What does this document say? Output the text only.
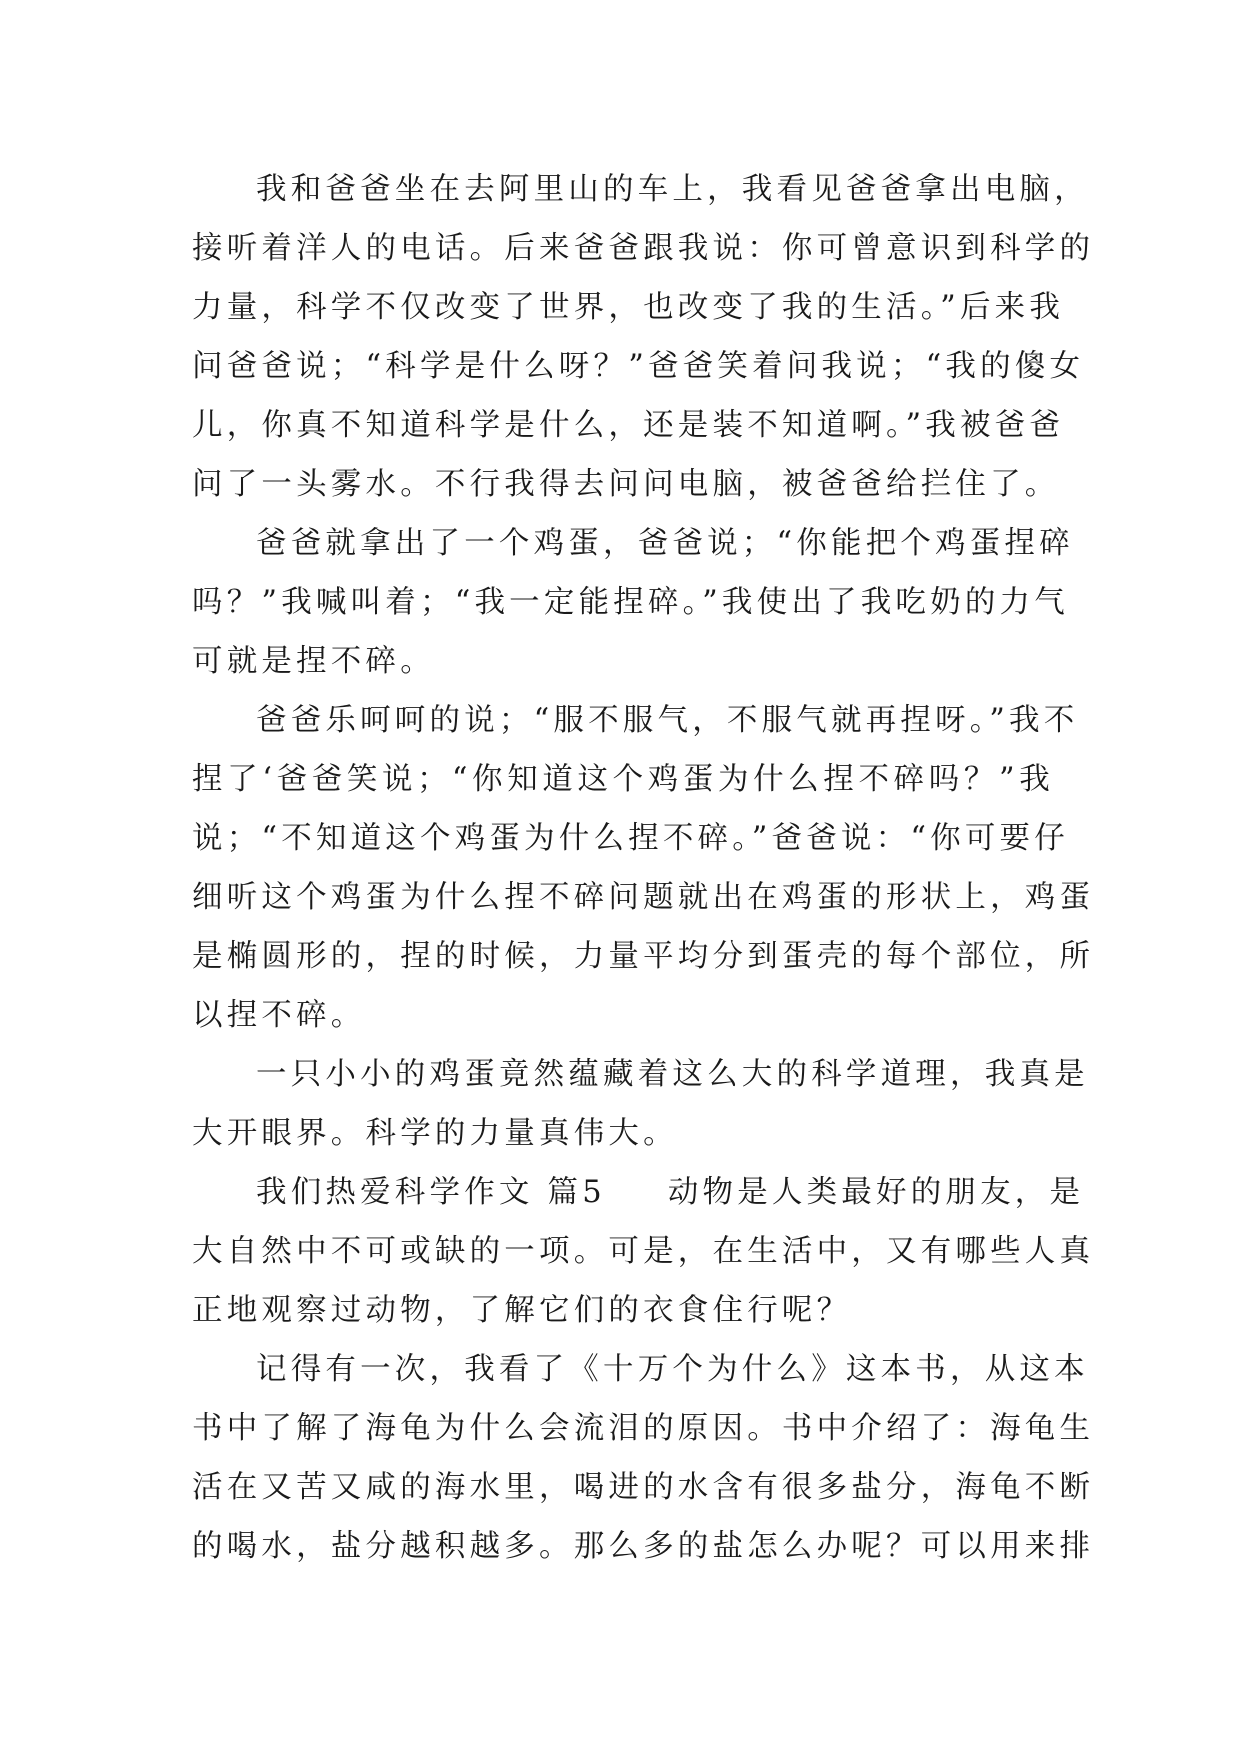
我和爸爸坐在去阿里山的车上，我看见爸爸拿出电脑，
接听着洋人的电话。后来爸爸跟我说：你可曾意识到科学的
力量，科学不仅改变了世界，也改变了我的生活。”后来我
问爸爸说；“科学是什么呀？”爸爸笑着问我说；“我的傻女
儿，你真不知道科学是什么，还是装不知道啊。”我被爸爸
问了一头雾水。不行我得去问问电脑，被爸爸给拦住了。
爸爸就拿出了一个鸡蛋，爸爸说；“你能把个鸡蛋捏碎
吗？”我喊叫着；“我一定能捏碎。”我使出了我吃奶的力气
可就是捏不碎。
爸爸乐呵呵的说；“服不服气，不服气就再捏呀。”我不
捏了‘爸爸笑说；“你知道这个鸡蛋为什么捏不碎吗？”我
说；“不知道这个鸡蛋为什么捏不碎。”爸爸说：“你可要仔
细听这个鸡蛋为什么捏不碎问题就出在鸡蛋的形状上，鸡蛋
是椭圆形的，捏的时候，力量平均分到蛋壳的每个部位，所
以捏不碎。
一只小小的鸡蛋竟然蕴藏着这么大的科学道理，我真是
大开眼界。科学的力量真伟大。
我们热爱科学作文 篇5 动物是人类最好的朋友，是
大自然中不可或缺的一项。可是，在生活中，又有哪些人真
正地观察过动物，了解它们的衣食住行呢？
记得有一次，我看了《十万个为什么》这本书，从这本
书中了解了海龟为什么会流泪的原因。书中介绍了：海龟生
活在又苦又咸的海水里，喝进的水含有很多盐分，海龟不断
的喝水，盐分越积越多。那么多的盐怎么办呢？可以用来排
